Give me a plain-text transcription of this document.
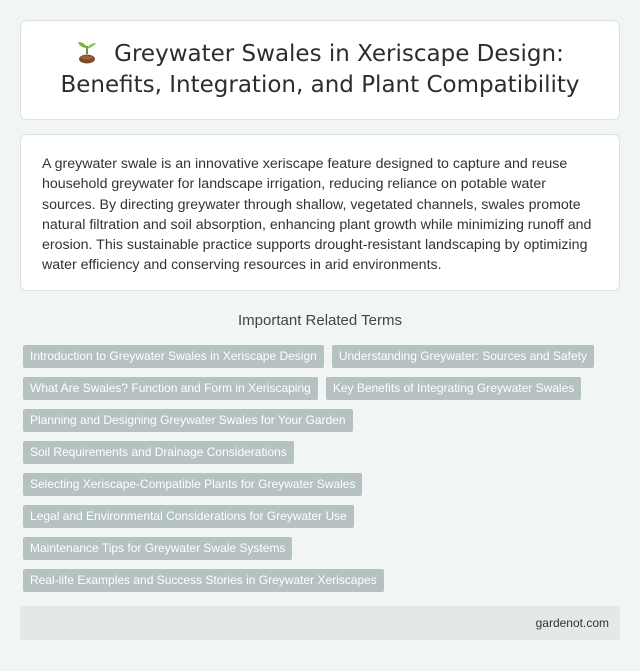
Greywater Swales in Xeriscape Design:
Benefits, Integration, and Plant Compatibility

A greywater swale is an innovative xeriscape feature designed to capture and reuse household greywater for landscape irrigation, reducing reliance on potable water sources. By directing greywater through shallow, vegetated channels, swales promote natural filtration and soil absorption, enhancing plant growth while minimizing runoff and erosion. This sustainable practice supports drought-resistant landscaping by optimizing water efficiency and conserving resources in arid environments.

Important Related Terms
Introduction to Greywater Swales in Xeriscape Design	Understanding Greywater: Sources and Safety
What Are Swales? Function and Form in Xeriscaping	Key Benefits of Integrating Greywater Swales
Planning and Designing Greywater Swales for Your Garden
Soil Requirements and Drainage Considerations
Selecting Xeriscape-Compatible Plants for Greywater Swales
Legal and Environmental Considerations for Greywater Use
Maintenance Tips for Greywater Swale Systems
Real-life Examples and Success Stories in Greywater Xeriscapes
gardenot.com
